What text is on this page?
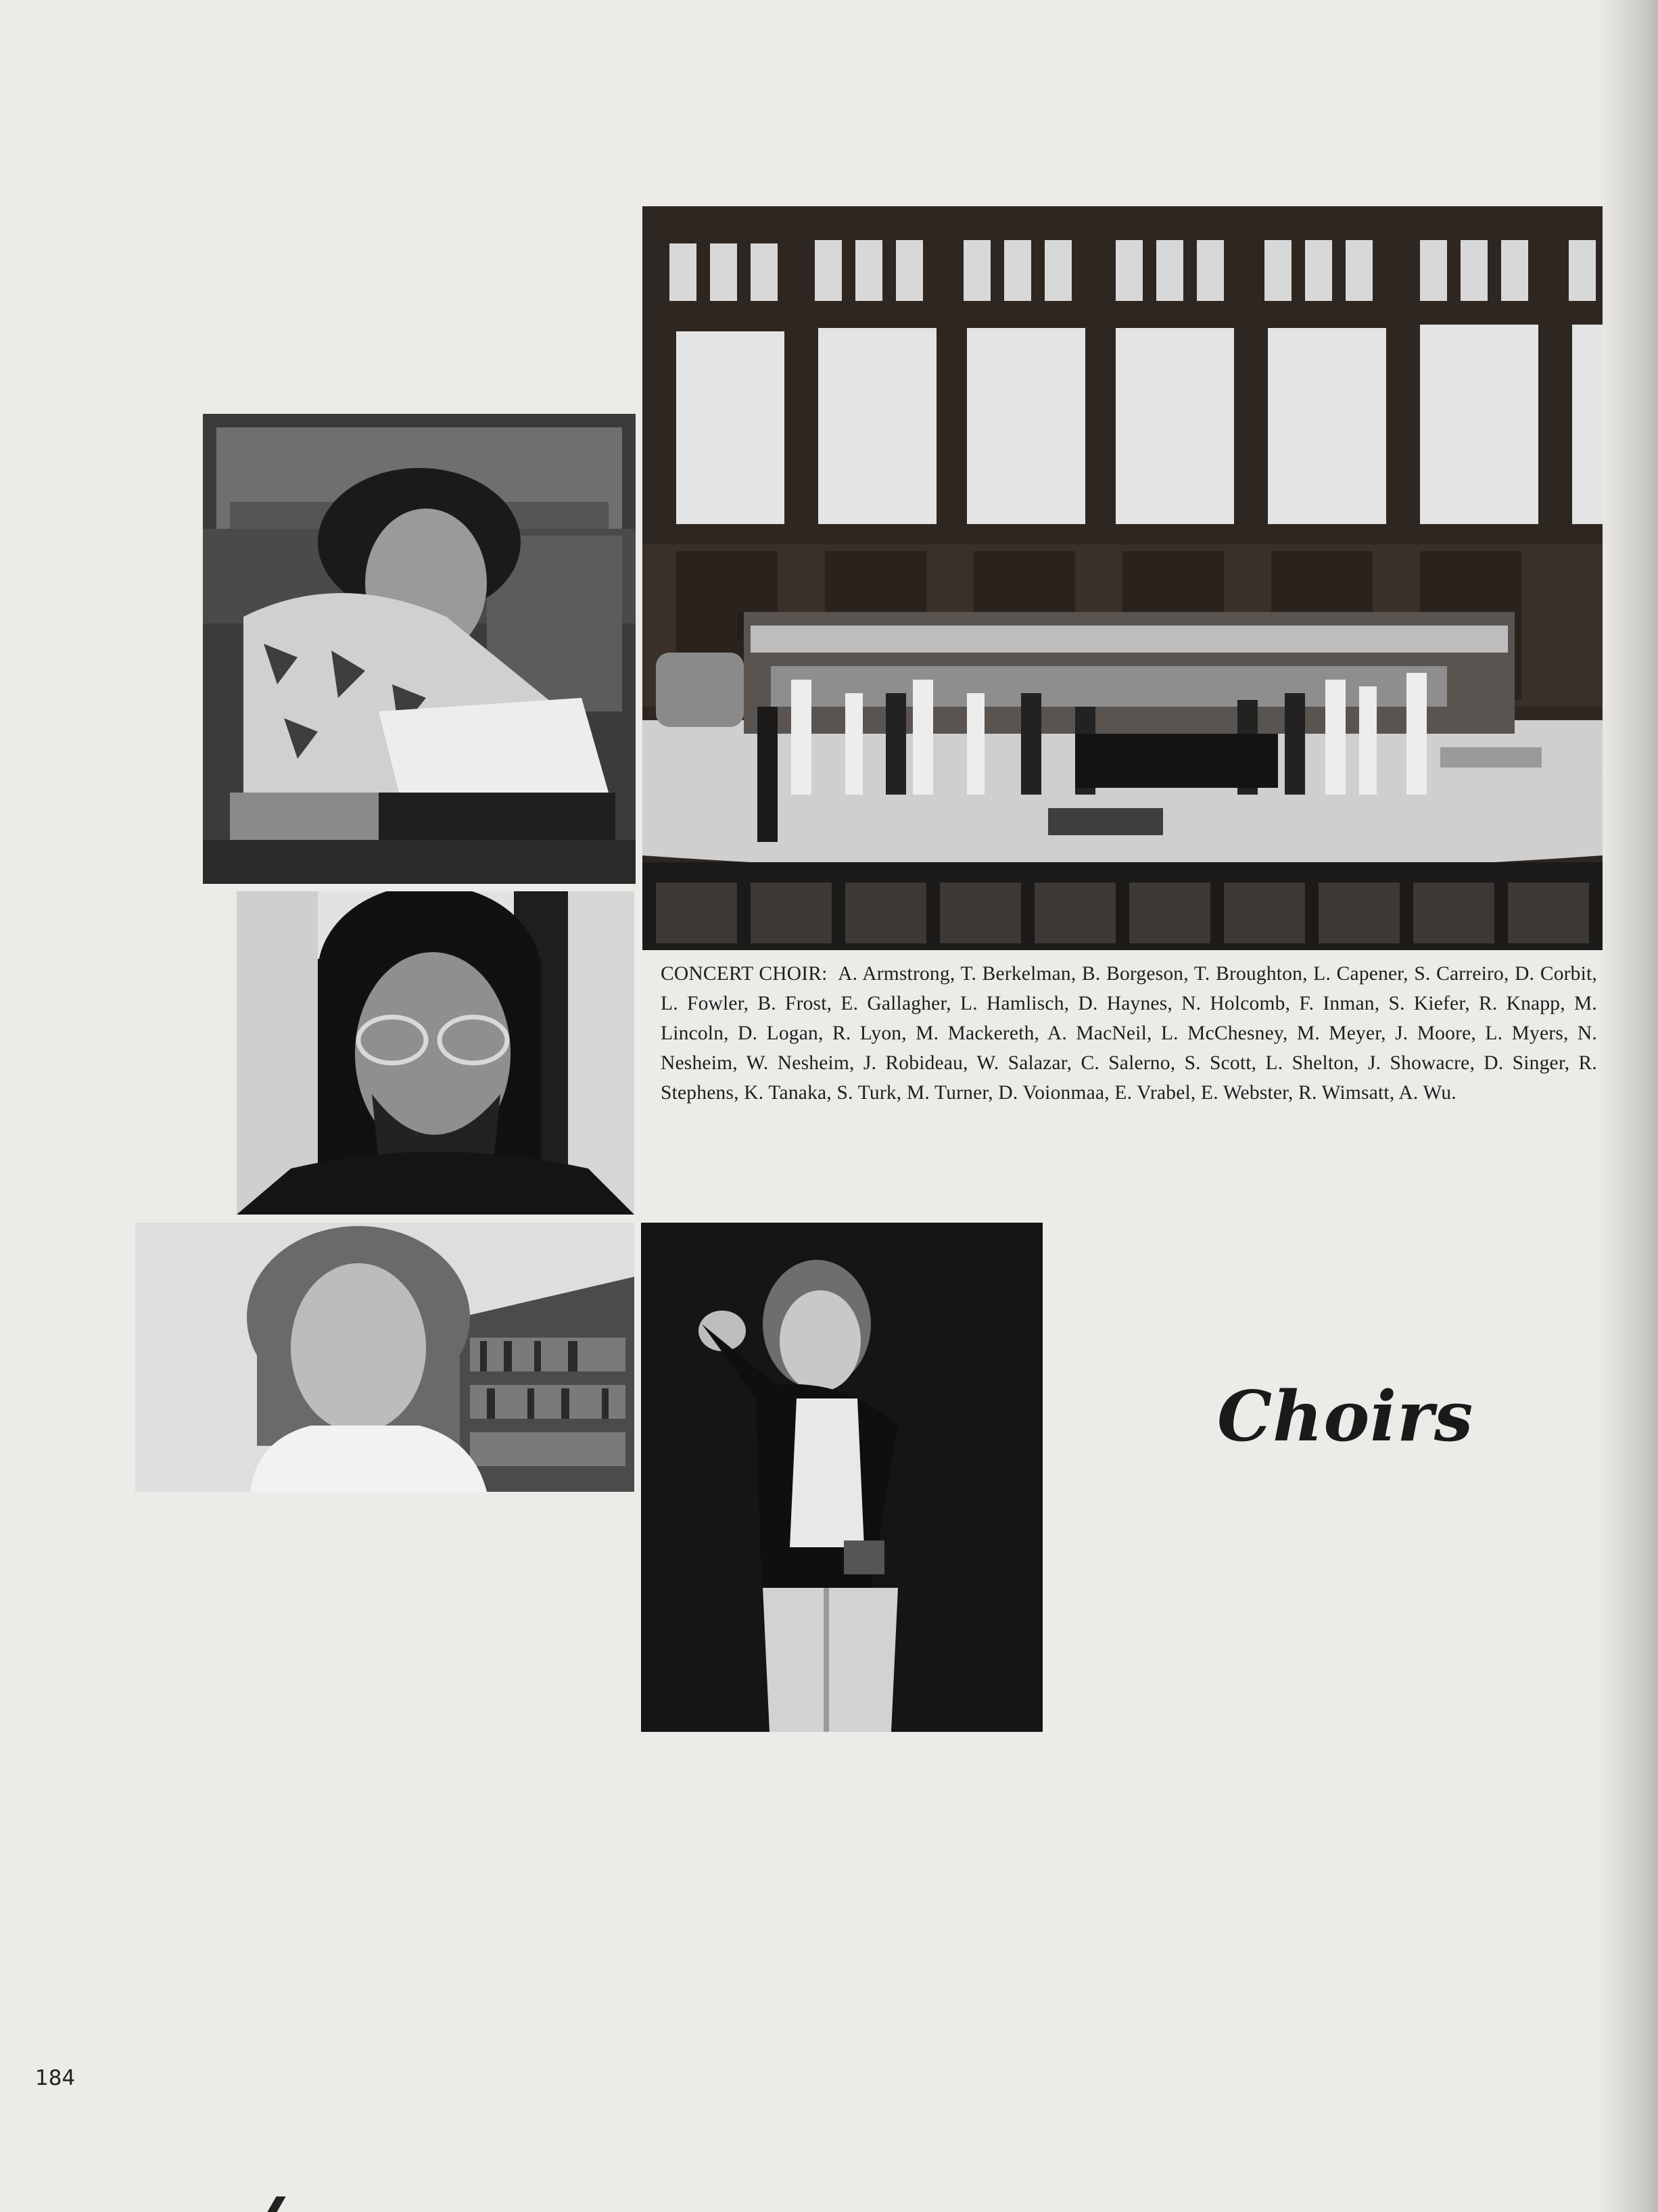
CONCERT CHOIR: A. Armstrong, T. Berkelman, B. Borgeson, T. Broughton, L. Capener, S. Carreiro, D. Corbit, L. Fowler, B. Frost, E. Gallagher, L. Hamlisch, D. Haynes, N. Holcomb, F. Inman, S. Kiefer, R. Knapp, M. Lincoln, D. Logan, R. Lyon, M. Mackereth, A. MacNeil, L. McChesney, M. Meyer, J. Moore, L. Myers, N. Nesheim, W. Nesheim, J. Robideau, W. Salazar, C. Salerno, S. Scott, L. Shelton, J. Showacre, D. Singer, R. Stephens, K. Tanaka, S. Turk, M. Turner, D. Voionmaa, E. Vrabel, E. Webster, R. Wimsatt, A. Wu.
Choirs
184
